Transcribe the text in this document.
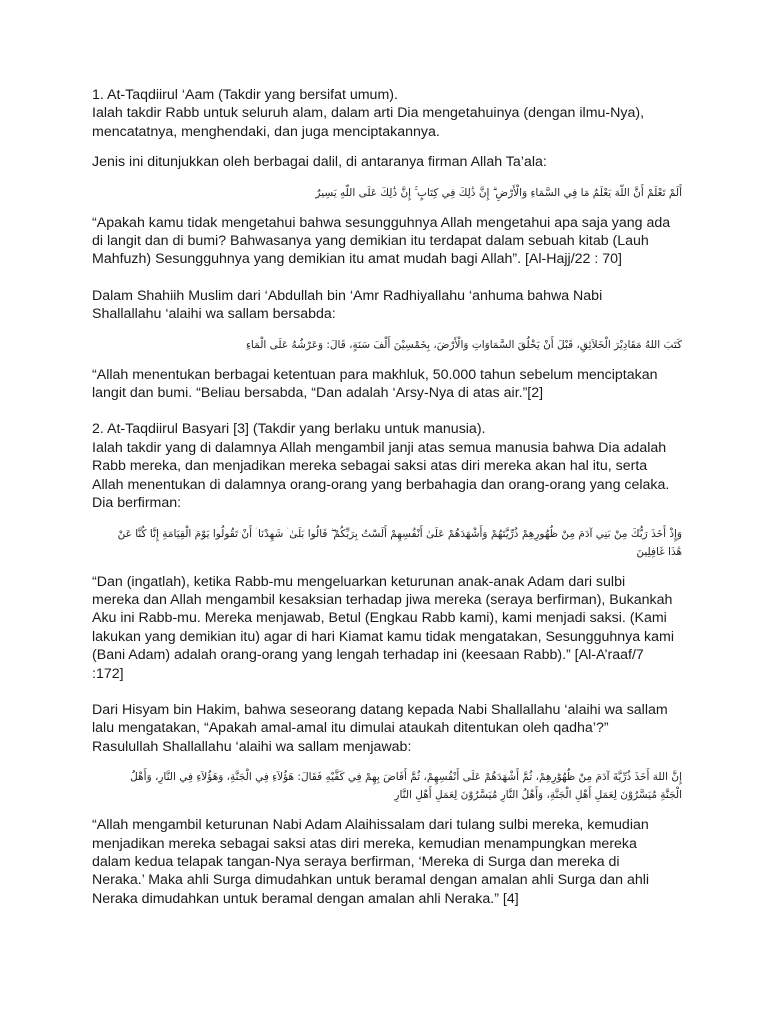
1. At-Taqdiirul ‘Aam (Takdir yang bersifat umum).
Ialah takdir Rabb untuk seluruh alam, dalam arti Dia mengetahuinya (dengan ilmu-Nya),
mencatatnya, menghendaki, dan juga menciptakannya.

Jenis ini ditunjukkan oleh berbagai dalil, di antaranya firman Allah Ta’ala:

أَلَمْ تَعْلَمْ أَنَّ اللَّهَ يَعْلَمُ مَا فِي السَّمَاءِ وَالْأَرْضِ ۗ إِنَّ ذَٰلِكَ فِي كِتَابٍ ۚ إِنَّ ذَٰلِكَ عَلَى اللَّهِ يَسِيرٌ

“Apakah kamu tidak mengetahui bahwa sesungguhnya Allah mengetahui apa saja yang ada
di langit dan di bumi? Bahwasanya yang demikian itu terdapat dalam sebuah kitab (Lauh
Mahfuzh) Sesungguhnya yang demikian itu amat mudah bagi Allah”. [Al-Hajj/22 : 70]

Dalam Shahiih Muslim dari ‘Abdullah bin ‘Amr Radhiyallahu ‘anhuma bahwa Nabi
Shallallahu ‘alaihi wa sallam bersabda:

كَتَبَ اللهُ مَقَادِيْرَ الْخَلاَئِقِ، قَبْلَ أَنْ يَخْلُقَ السَّمَاوَاتِ وَالْأَرْضَ، بِخَمْسِيْنَ أَلْفَ سَنَةٍ، قَالَ: وَعَرْشُهُ عَلَى الْمَاءِ

“Allah menentukan berbagai ketentuan para makhluk, 50.000 tahun sebelum menciptakan
langit dan bumi. “Beliau bersabda, “Dan adalah ‘Arsy-Nya di atas air.”[2]

2. At-Taqdiirul Basyari [3] (Takdir yang berlaku untuk manusia).
Ialah takdir yang di dalamnya Allah mengambil janji atas semua manusia bahwa Dia adalah
Rabb mereka, dan menjadikan mereka sebagai saksi atas diri mereka akan hal itu, serta
Allah menentukan di dalamnya orang-orang yang berbahagia dan orang-orang yang celaka.
Dia berfirman:

وَإِذْ أَخَذَ رَبُّكَ مِنْ بَنِي آدَمَ مِنْ ظُهُورِهِمْ ذُرِّيَّتَهُمْ وَأَشْهَدَهُمْ عَلَىٰ أَنْفُسِهِمْ أَلَسْتُ بِرَبِّكُمْ ۖ قَالُوا بَلَىٰ ۛ شَهِدْنَا ۛ أَنْ تَقُولُوا يَوْمَ الْقِيَامَةِ إِنَّا كُنَّا عَنْ
هَٰذَا غَافِلِينَ

“Dan (ingatlah), ketika Rabb-mu mengeluarkan keturunan anak-anak Adam dari sulbi
mereka dan Allah mengambil kesaksian terhadap jiwa mereka (seraya berfirman), Bukankah
Aku ini Rabb-mu. Mereka menjawab, Betul (Engkau Rabb kami), kami menjadi saksi. (Kami
lakukan yang demikian itu) agar di hari Kiamat kamu tidak mengatakan, Sesungguhnya kami
(Bani Adam) adalah orang-orang yang lengah terhadap ini (keesaan Rabb).” [Al-A’raaf/7
:172]

Dari Hisyam bin Hakim, bahwa seseorang datang kepada Nabi Shallallahu ‘alaihi wa sallam
lalu mengatakan, “Apakah amal-amal itu dimulai ataukah ditentukan oleh qadha’?”
Rasulullah Shallallahu ‘alaihi wa sallam menjawab:

إِنَّ اللهَ أَخَذَ ذُرِّيَّةَ آدَمَ مِنْ ظُهُوْرِهِمْ، ثُمَّ أَشْهَدَهُمْ عَلَى أَنْفُسِهِمْ، ثُمَّ أَفَاضَ بِهِمْ فِي كَفَّيْهِ فَقَالَ: هَؤُلاَءِ فِي الْجَنَّةِ، وَهَؤُلاَءِ فِي النَّارِ، وَأَهْلُ
الْجَنَّةِ مُيَسَّرُوْنَ لِعَمَلِ أَهْلِ الْجَنَّةِ، وَأَهْلُ النَّارِ مُيَسَّرُوْنَ لِعَمَلِ أَهْلِ النَّارِ

“Allah mengambil keturunan Nabi Adam Alaihissalam dari tulang sulbi mereka, kemudian
menjadikan mereka sebagai saksi atas diri mereka, kemudian menampungkan mereka
dalam kedua telapak tangan-Nya seraya berfirman, ‘Mereka di Surga dan mereka di
Neraka.’ Maka ahli Surga dimudahkan untuk beramal dengan amalan ahli Surga dan ahli
Neraka dimudahkan untuk beramal dengan amalan ahli Neraka.” [4]
